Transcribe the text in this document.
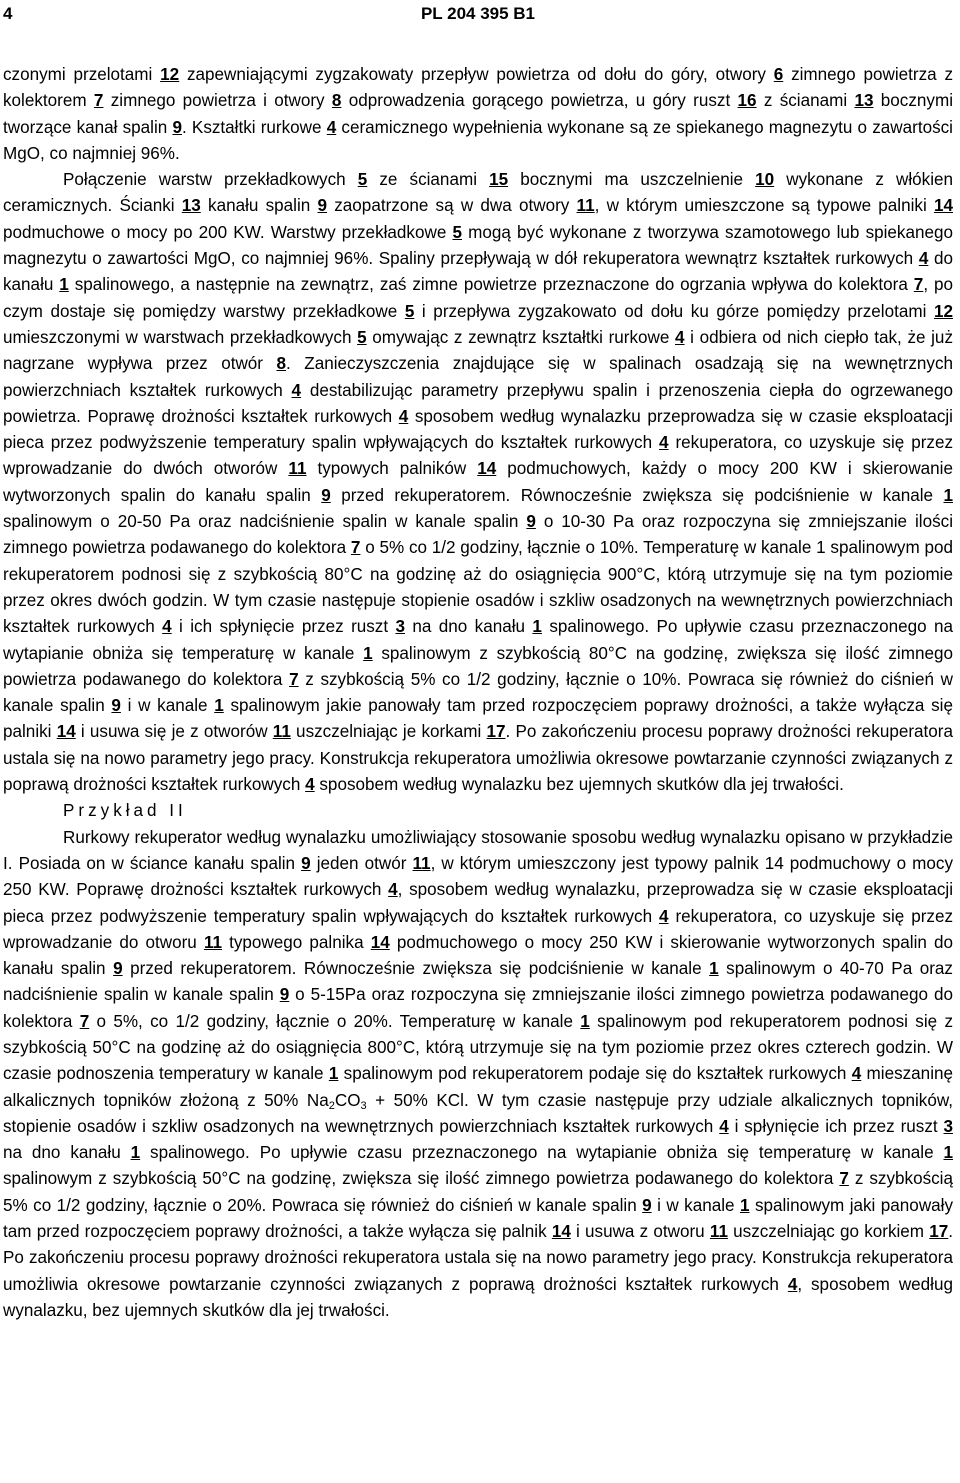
4	PL 204 395 B1

czonymi przelotami 12 zapewniającymi zygzakowaty przepływ powietrza od dołu do góry, otwory 6 zimnego powietrza z kolektorem 7 zimnego powietrza i otwory 8 odprowadzenia gorącego powietrza, u góry ruszt 16 z ścianami 13 bocznymi tworzące kanał spalin 9. Kształtki rurkowe 4 ceramicznego wypełnienia wykonane są ze spiekanego magnezytu o zawartości MgO, co najmniej 96%.

Połączenie warstw przekładkowych 5 ze ścianami 15 bocznymi ma uszczelnienie 10 wykonane z włókien ceramicznych. Ścianki 13 kanału spalin 9 zaopatrzone są w dwa otwory 11, w którym umieszczone są typowe palniki 14 podmuchowe o mocy po 200 KW. Warstwy przekładkowe 5 mogą być wykonane z tworzywa szamotowego lub spiekanego magnezytu o zawartości MgO, co najmniej 96%. Spaliny przepływają w dół rekuperatora wewnątrz kształtek rurkowych 4 do kanału 1 spalinowego, a następnie na zewnątrz, zaś zimne powietrze przeznaczone do ogrzania wpływa do kolektora 7, po czym dostaje się pomiędzy warstwy przekładkowe 5 i przepływa zygzakowato od dołu ku górze pomiędzy przelotami 12 umieszczonymi w warstwach przekładkowych 5 omywając z zewnątrz kształtki rurkowe 4 i odbiera od nich ciepło tak, że już nagrzane wypływa przez otwór 8. Zanieczyszczenia znajdujące się w spalinach osadzają się na wewnętrznych powierzchniach kształtek rurkowych 4 destabilizując parametry przepływu spalin i przenoszenia ciepła do ogrzewanego powietrza. Poprawę drożności kształtek rurkowych 4 sposobem według wynalazku przeprowadza się w czasie eksploatacji pieca przez podwyższenie temperatury spalin wpływających do kształtek rurkowych 4 rekuperatora, co uzyskuje się przez wprowadzanie do dwóch otworów 11 typowych palników 14 podmuchowych, każdy o mocy 200 KW i skierowanie wytworzonych spalin do kanału spalin 9 przed rekuperatorem. Równocześnie zwiększa się podciśnienie w kanale 1 spalinowym o 20-50 Pa oraz nadciśnienie spalin w kanale spalin 9 o 10-30 Pa oraz rozpoczyna się zmniejszanie ilości zimnego powietrza podawanego do kolektora 7 o 5% co 1/2 godziny, łącznie o 10%. Temperaturę w kanale 1 spalinowym pod rekuperatorem podnosi się z szybkością 80°C na godzinę aż do osiągnięcia 900°C, którą utrzymuje się na tym poziomie przez okres dwóch godzin. W tym czasie następuje stopienie osadów i szkliw osadzonych na wewnętrznych powierzchniach kształtek rurkowych 4 i ich spłynięcie przez ruszt 3 na dno kanału 1 spalinowego. Po upływie czasu przeznaczonego na wytapianie obniża się temperaturę w kanale 1 spalinowym z szybkością 80°C na godzinę, zwiększa się ilość zimnego powietrza podawanego do kolektora 7 z szybkością 5% co 1/2 godziny, łącznie o 10%. Powraca się również do ciśnień w kanale spalin 9 i w kanale 1 spalinowym jakie panowały tam przed rozpoczęciem poprawy drożności, a także wyłącza się palniki 14 i usuwa się je z otworów 11 uszczelniając je korkami 17. Po zakończeniu procesu poprawy drożności rekuperatora ustala się na nowo parametry jego pracy. Konstrukcja rekuperatora umożliwia okresowe powtarzanie czynności związanych z poprawą drożności kształtek rurkowych 4 sposobem według wynalazku bez ujemnych skutków dla jej trwałości.

Przykład II

Rurkowy rekuperator według wynalazku umożliwiający stosowanie sposobu według wynalazku opisano w przykładzie I. Posiada on w ściance kanału spalin 9 jeden otwór 11, w którym umieszczony jest typowy palnik 14 podmuchowy o mocy 250 KW. Poprawę drożności kształtek rurkowych 4, sposobem według wynalazku, przeprowadza się w czasie eksploatacji pieca przez podwyższenie temperatury spalin wpływających do kształtek rurkowych 4 rekuperatora, co uzyskuje się przez wprowadzanie do otworu 11 typowego palnika 14 podmuchowego o mocy 250 KW i skierowanie wytworzonych spalin do kanału spalin 9 przed rekuperatorem. Równocześnie zwiększa się podciśnienie w kanale 1 spalinowym o 40-70 Pa oraz nadciśnienie spalin w kanale spalin 9 o 5-15Pa oraz rozpoczyna się zmniejszanie ilości zimnego powietrza podawanego do kolektora 7 o 5%, co 1/2 godziny, łącznie o 20%. Temperaturę w kanale 1 spalinowym pod rekuperatorem podnosi się z szybkością 50°C na godzinę aż do osiągnięcia 800°C, którą utrzymuje się na tym poziomie przez okres czterech godzin. W czasie podnoszenia temperatury w kanale 1 spalinowym pod rekuperatorem podaje się do kształtek rurkowych 4 mieszaninę alkalicznych topników złożoną z 50% $Na_2CO_3 + 50\%$ KCl. W tym czasie następuje przy udziale alkalicznych topników, stopienie osadów i szkliw osadzonych na wewnętrznych powierzchniach kształtek rurkowych 4 i spłynięcie ich przez ruszt 3 na dno kanału 1 spalinowego. Po upływie czasu przeznaczonego na wytapianie obniża się temperaturę w kanale 1 spalinowym z szybkością 50°C na godzinę, zwiększa się ilość zimnego powietrza podawanego do kolektora 7 z szybkością 5% co 1/2 godziny, łącznie o 20%. Powraca się również do ciśnień w kanale spalin 9 i w kanale 1 spalinowym jaki panowały tam przed rozpoczęciem poprawy drożności, a także wyłącza się palnik 14 i usuwa z otworu 11 uszczelniając go korkiem 17. Po zakończeniu procesu poprawy drożności rekuperatora ustala się na nowo parametry jego pracy. Konstrukcja rekuperatora umożliwia okresowe powtarzanie czynności związanych z poprawą drożności kształtek rurkowych 4, sposobem według wynalazku, bez ujemnych skutków dla jej trwałości.
